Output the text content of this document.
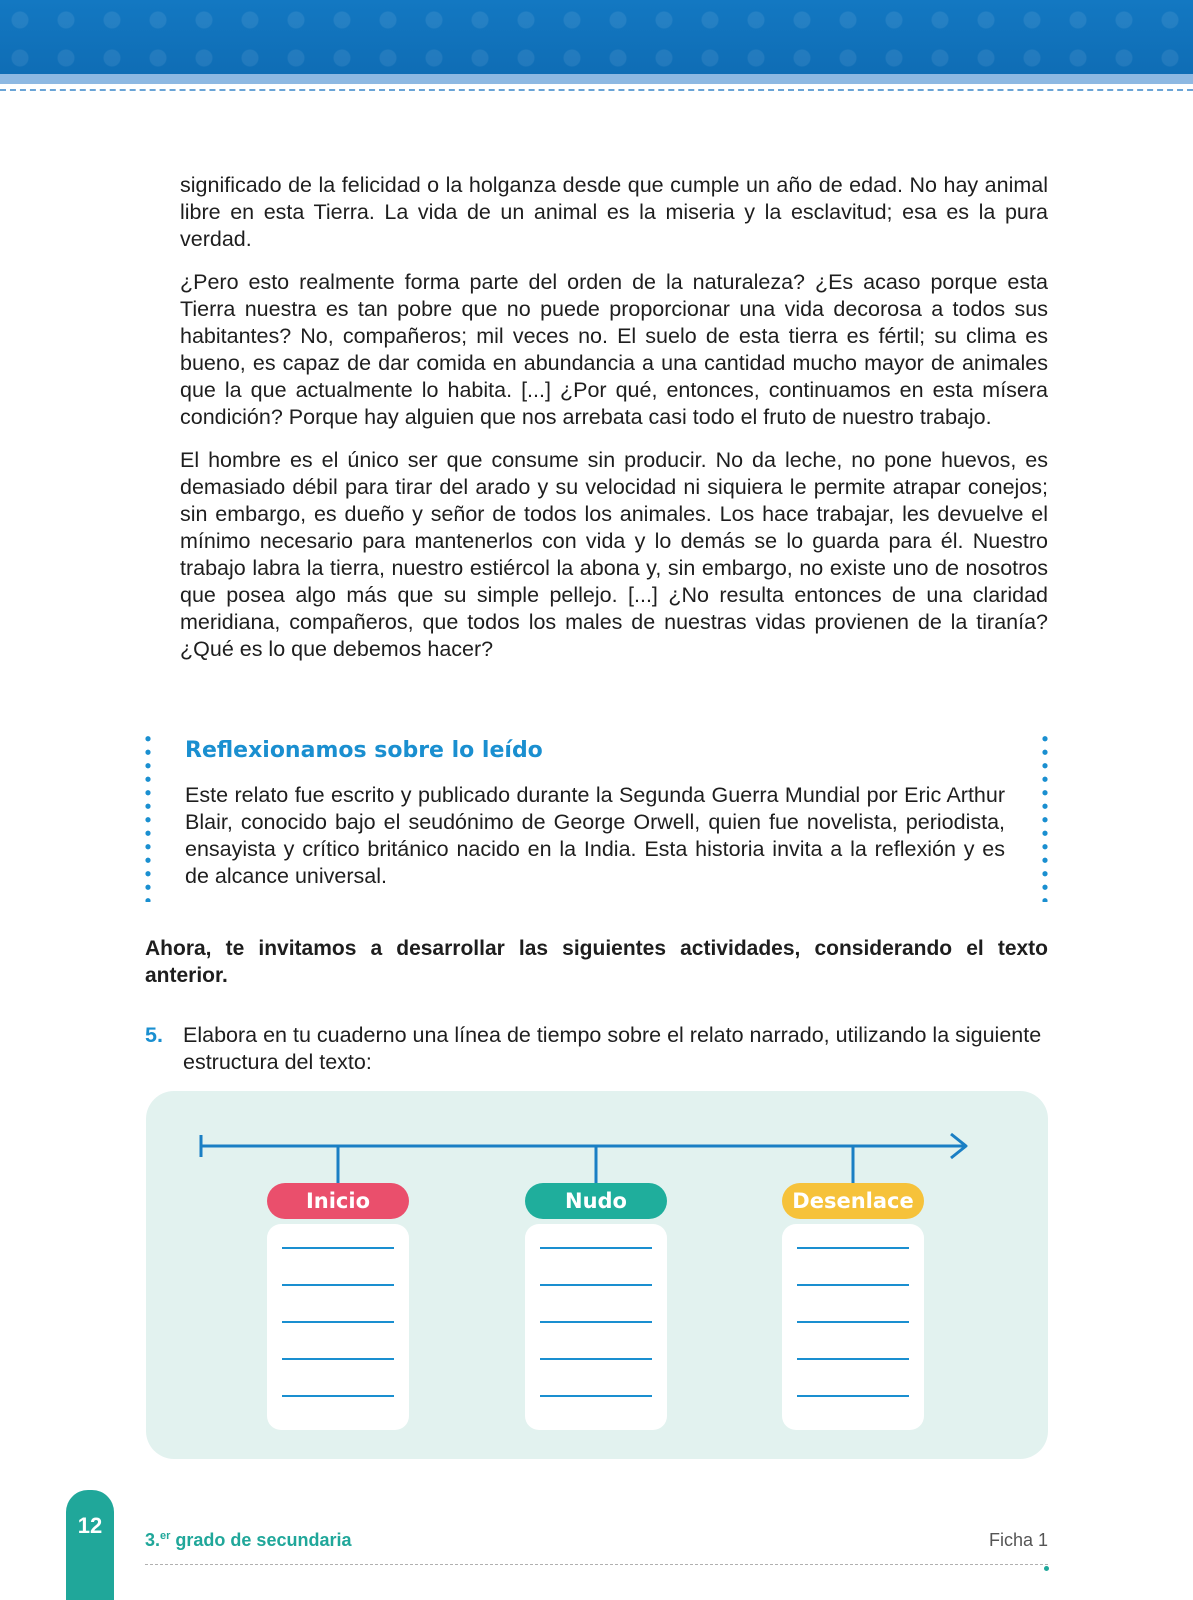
significado de la felicidad o la holganza desde que cumple un año de edad. No hay animal libre en esta Tierra. La vida de un animal es la miseria y la esclavitud; esa es la pura verdad.

¿Pero esto realmente forma parte del orden de la naturaleza? ¿Es acaso porque esta Tierra nuestra es tan pobre que no puede proporcionar una vida decorosa a todos sus habitantes? No, compañeros; mil veces no. El suelo de esta tierra es fértil; su clima es bueno, es capaz de dar comida en abundancia a una cantidad mucho mayor de animales que la que actualmente lo habita. [...] ¿Por qué, entonces, continuamos en esta mísera condición? Porque hay alguien que nos arrebata casi todo el fruto de nuestro trabajo.

El hombre es el único ser que consume sin producir. No da leche, no pone huevos, es demasiado débil para tirar del arado y su velocidad ni siquiera le permite atrapar conejos; sin embargo, es dueño y señor de todos los animales. Los hace trabajar, les devuelve el mínimo necesario para mantenerlos con vida y lo demás se lo guarda para él. Nuestro trabajo labra la tierra, nuestro estiércol la abona y, sin embargo, no existe uno de nosotros que posea algo más que su simple pellejo. [...] ¿No resulta entonces de una claridad meridiana, compañeros, que todos los males de nuestras vidas provienen de la tiranía? ¿Qué es lo que debemos hacer?

Reflexionamos sobre lo leído

Este relato fue escrito y publicado durante la Segunda Guerra Mundial por Eric Arthur Blair, conocido bajo el seudónimo de George Orwell, quien fue novelista, periodista, ensayista y crítico británico nacido en la India. Esta historia invita a la reflexión y es de alcance universal.

Ahora, te invitamos a desarrollar las siguientes actividades, considerando el texto anterior.

5. Elabora en tu cuaderno una línea de tiempo sobre el relato narrado, utilizando la siguiente estructura del texto:

Inicio	Nudo	Desenlace
12
3.$^{er}$ grado de secundaria	Ficha 1
